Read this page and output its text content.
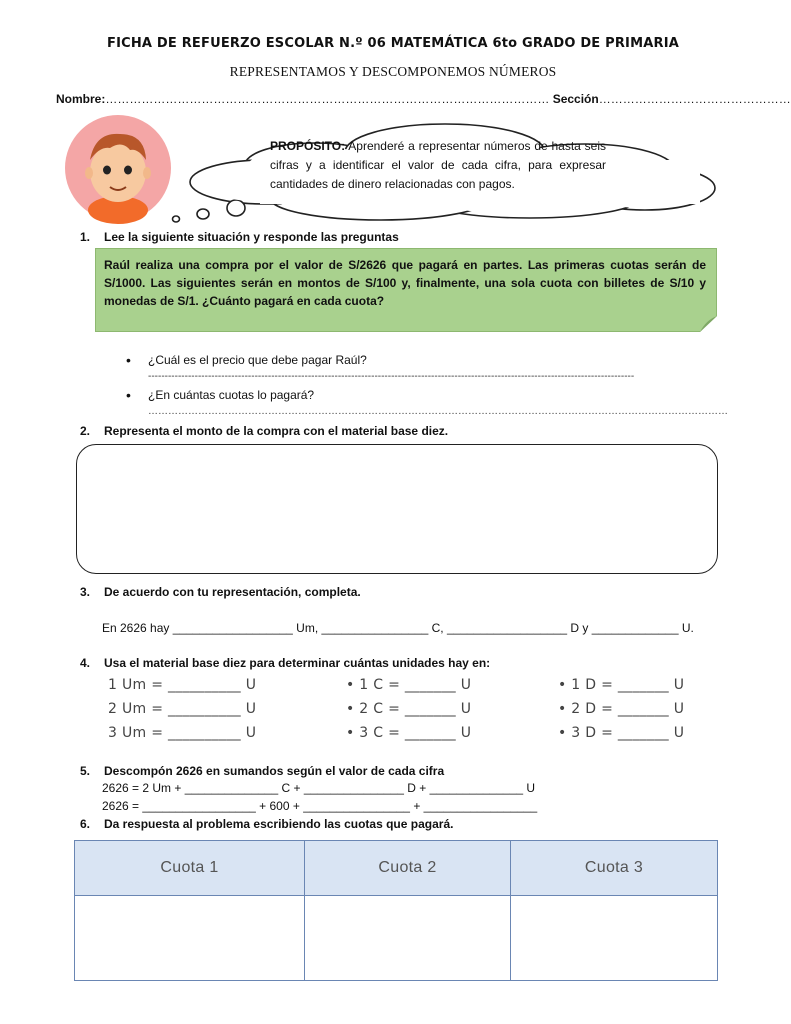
FICHA DE REFUERZO ESCOLAR N.º 06 MATEMÁTICA 6to GRADO DE PRIMARIA
REPRESENTAMOS Y DESCOMPONEMOS NÚMEROS
Nombre:………………………………………………………………………………………………… Sección…………………………………………
PROPÓSITO: Aprenderé a representar números de hasta seis cifras y a identificar el valor de cada cifra, para expresar cantidades de dinero relacionadas con pagos.
1. Lee la siguiente situación y responde las preguntas
Raúl realiza una compra por el valor de S/2626 que pagará en partes. Las primeras cuotas serán de S/1000. Las siguientes serán en montos de S/100 y, finalmente, una sola cuota con billetes de S/10 y monedas de S/1. ¿Cuánto pagará en cada cuota?
• ¿Cuál es el precio que debe pagar Raúl?
--------------------------------------------------------------------------------------------------------------------------------------------------
• ¿En cuántas cuotas lo pagará?
…………………………………………………………………………………………………………………………………………………………
2. Representa el monto de la compra con el material base diez.
3. De acuerdo con tu representación, completa.
En 2626 hay __________________ Um, ________________ C, __________________ D y _____________ U.
4. Usa el material base diez para determinar cuántas unidades hay en:
1 Um = __________ U	• 1 C = _______ U	• 1 D = _______ U
2 Um = __________ U	• 2 C = _______ U	• 2 D = _______ U
3 Um = __________ U	• 3 C = _______ U	• 3 D = _______ U
5. Descompón 2626 en sumandos según el valor de cada cifra
2626 = 2 Um + ______________ C + _______________ D + ______________ U
2626 = _________________ + 600 + ________________ + _________________
6. Da respuesta al problema escribiendo las cuotas que pagará.
Cuota 1	Cuota 2	Cuota 3
